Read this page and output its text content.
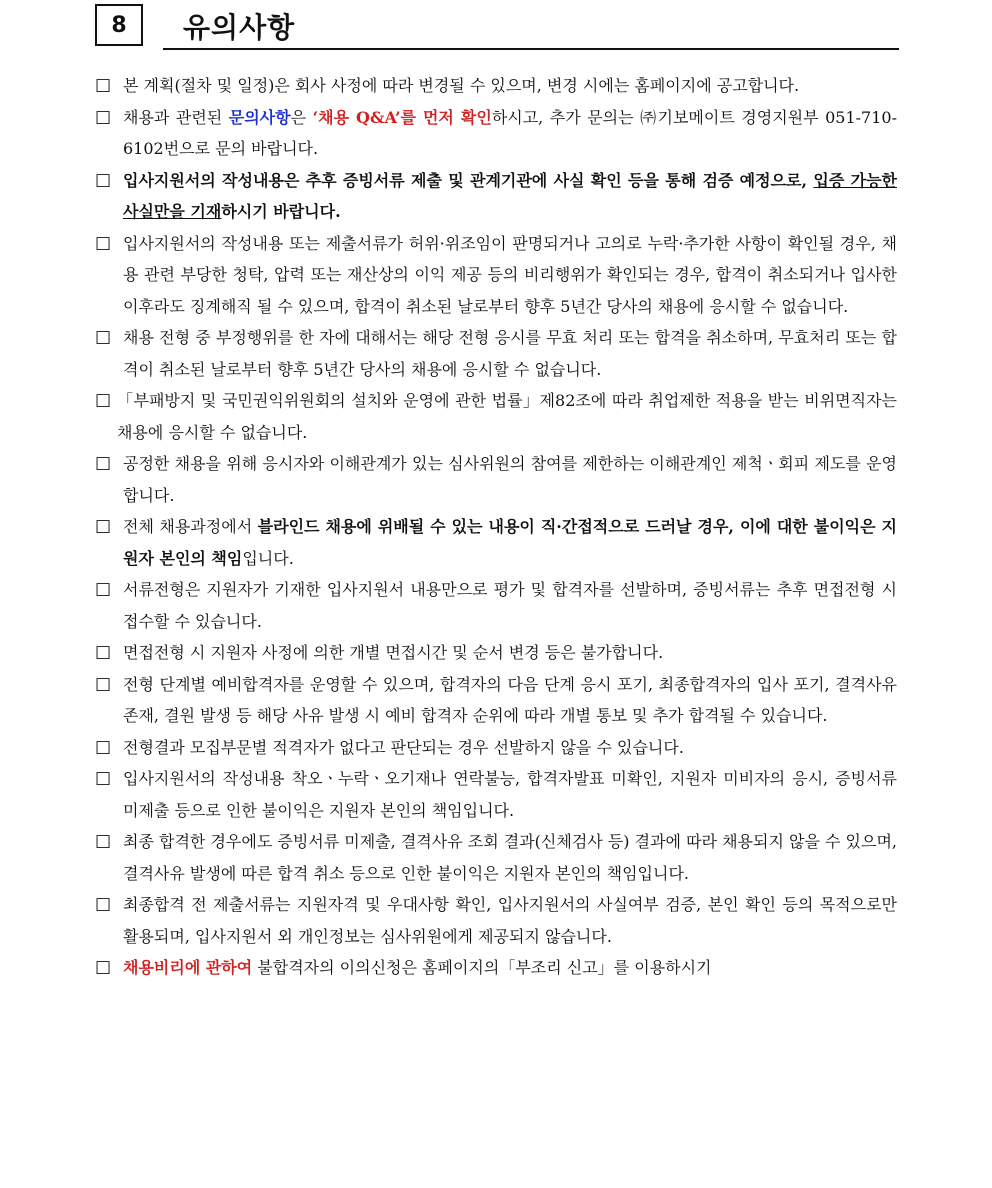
8	유의사항
□ 본 계획(절차 및 일정)은 회사 사정에 따라 변경될 수 있으며, 변경 시에는 홈페이지에 공고합니다.
□ 채용과 관련된 문의사항은 ‘채용 Q&A’를 먼저 확인하시고, 추가 문의는 ㈜기보메이트 경영지원부 051-710-6102번으로 문의 바랍니다.
□ 입사지원서의 작성내용은 추후 증빙서류 제출 및 관계기관에 사실 확인 등을 통해 검증 예정으로, 입증 가능한 사실만을 기재하시기 바랍니다.
□ 입사지원서의 작성내용 또는 제출서류가 허위·위조임이 판명되거나 고의로 누락·추가한 사항이 확인될 경우, 채용 관련 부당한 청탁, 압력 또는 재산상의 이익 제공 등의 비리행위가 확인되는 경우, 합격이 취소되거나 입사한 이후라도 징계해직 될 수 있으며, 합격이 취소된 날로부터 향후 5년간 당사의 채용에 응시할 수 없습니다.
□ 채용 전형 중 부정행위를 한 자에 대해서는 해당 전형 응시를 무효 처리 또는 합격을 취소하며, 무효처리 또는 합격이 취소된 날로부터 향후 5년간 당사의 채용에 응시할 수 없습니다.
□ 「부패방지 및 국민권익위원회의 설치와 운영에 관한 법률」제82조에 따라 취업제한 적용을 받는 비위면직자는 채용에 응시할 수 없습니다.
□ 공정한 채용을 위해 응시자와 이해관계가 있는 심사위원의 참여를 제한하는 이해관계인 제척ㆍ회피 제도를 운영합니다.
□ 전체 채용과정에서 블라인드 채용에 위배될 수 있는 내용이 직·간접적으로 드러날 경우, 이에 대한 불이익은 지원자 본인의 책임입니다.
□ 서류전형은 지원자가 기재한 입사지원서 내용만으로 평가 및 합격자를 선발하며, 증빙서류는 추후 면접전형 시 접수할 수 있습니다.
□ 면접전형 시 지원자 사정에 의한 개별 면접시간 및 순서 변경 등은 불가합니다.
□ 전형 단계별 예비합격자를 운영할 수 있으며, 합격자의 다음 단계 응시 포기, 최종합격자의 입사 포기, 결격사유 존재, 결원 발생 등 해당 사유 발생 시 예비 합격자 순위에 따라 개별 통보 및 추가 합격될 수 있습니다.
□ 전형결과 모집부문별 적격자가 없다고 판단되는 경우 선발하지 않을 수 있습니다.
□ 입사지원서의 작성내용 착오ㆍ누락ㆍ오기재나 연락불능, 합격자발표 미확인, 지원자 미비자의 응시, 증빙서류 미제출 등으로 인한 불이익은 지원자 본인의 책임입니다.
□ 최종 합격한 경우에도 증빙서류 미제출, 결격사유 조회 결과(신체검사 등) 결과에 따라 채용되지 않을 수 있으며, 결격사유 발생에 따른 합격 취소 등으로 인한 불이익은 지원자 본인의 책임입니다.
□ 최종합격 전 제출서류는 지원자격 및 우대사항 확인, 입사지원서의 사실여부 검증, 본인 확인 등의 목적으로만 활용되며, 입사지원서 외 개인정보는 심사위원에게 제공되지 않습니다.
□ 채용비리에 관하여 불합격자의 이의신청은 홈페이지의「부조리 신고」를 이용하시기
